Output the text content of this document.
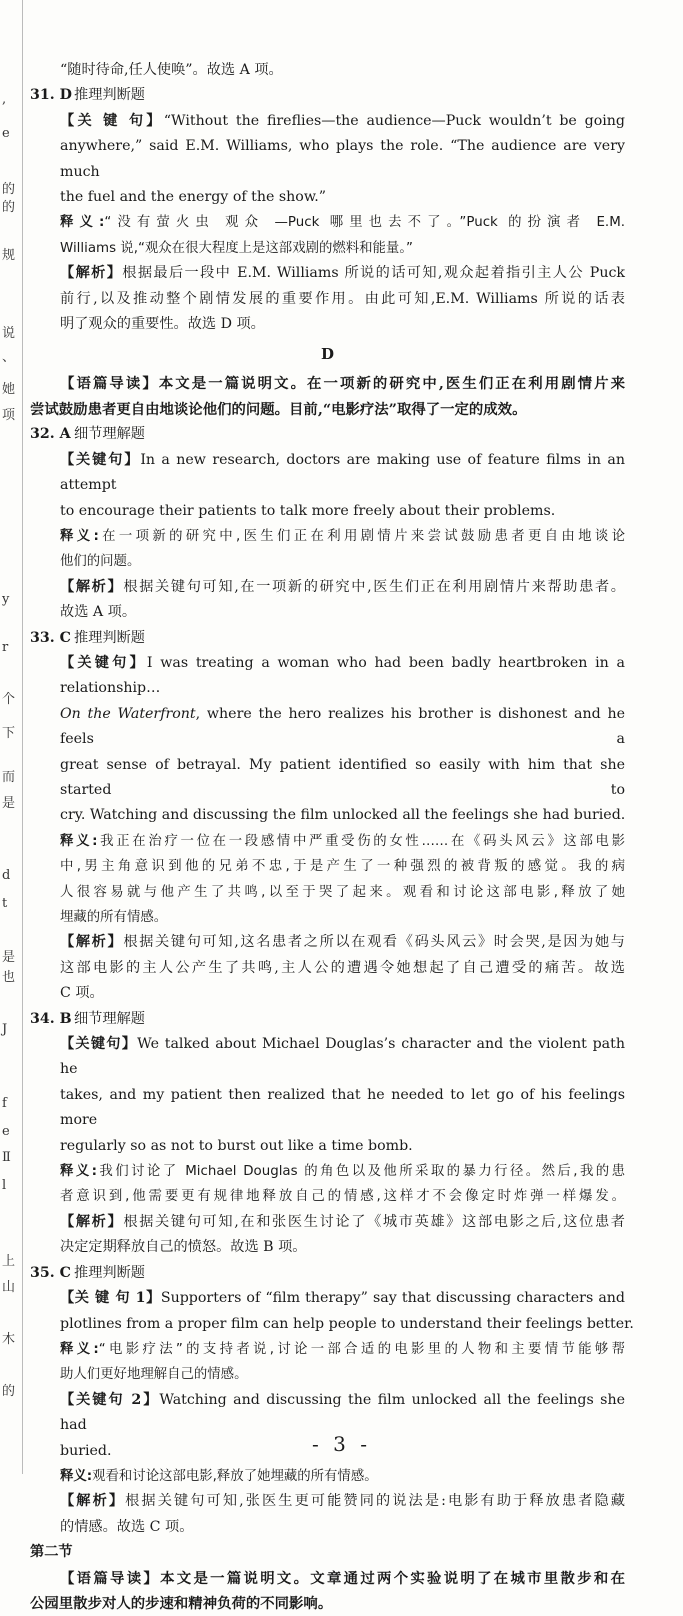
,
e
的
的
规
说
、
她
项
y
r
个
下
而
是
d
t
是
也
J
f
e
Ⅱ
l
上
山
木
的
“随时待命,任人使唤”。故选 A 项。
31. D 推理判断题
【关 键 句】“Without the fireflies—the audience—Puck wouldn’t be going
anywhere,” said E.M. Williams, who plays the role. “The audience are very much
the fuel and the energy of the show.”
释义:“没有萤火虫 观众 —Puck 哪里也去不了。”Puck 的扮演者 E.M.
Williams 说,“观众在很大程度上是这部戏剧的燃料和能量。”
【解析】根据最后一段中 E.M. Williams 所说的话可知,观众起着指引主人公 Puck
前行,以及推动整个剧情发展的重要作用。由此可知,E.M. Williams 所说的话表
明了观众的重要性。故选 D 项。
D
【语篇导读】本文是一篇说明文。在一项新的研究中,医生们正在利用剧情片来
尝试鼓励患者更自由地谈论他们的问题。目前,“电影疗法”取得了一定的成效。
32. A 细节理解题
【关键句】In a new research, doctors are making use of feature films in an attempt
to encourage their patients to talk more freely about their problems.
释义:在一项新的研究中,医生们正在利用剧情片来尝试鼓励患者更自由地谈论
他们的问题。
【解析】根据关键句可知,在一项新的研究中,医生们正在利用剧情片来帮助患者。
故选 A 项。
33. C 推理判断题
【关键句】I was treating a woman who had been badly heartbroken in a relationship…
On the Waterfront, where the hero realizes his brother is dishonest and he feels a
great sense of betrayal. My patient identified so easily with him that she started to
cry. Watching and discussing the film unlocked all the feelings she had buried.
释义:我正在治疗一位在一段感情中严重受伤的女性……在《码头风云》这部电影
中,男主角意识到他的兄弟不忠,于是产生了一种强烈的被背叛的感觉。我的病
人很容易就与他产生了共鸣,以至于哭了起来。观看和讨论这部电影,释放了她
埋藏的所有情感。
【解析】根据关键句可知,这名患者之所以在观看《码头风云》时会哭,是因为她与
这部电影的主人公产生了共鸣,主人公的遭遇令她想起了自己遭受的痛苦。故选
C 项。
34. B 细节理解题
【关键句】We talked about Michael Douglas’s character and the violent path he
takes, and my patient then realized that he needed to let go of his feelings more
regularly so as not to burst out like a time bomb.
释义:我们讨论了 Michael Douglas 的角色以及他所采取的暴力行径。然后,我的患
者意识到,他需要更有规律地释放自己的情感,这样才不会像定时炸弹一样爆发。
【解析】根据关键句可知,在和张医生讨论了《城市英雄》这部电影之后,这位患者
决定定期释放自己的愤怒。故选 B 项。
35. C 推理判断题
【关 键 句 1】Supporters of “film therapy” say that discussing characters and
plotlines from a proper film can help people to understand their feelings better.
释义:“电影疗法”的支持者说,讨论一部合适的电影里的人物和主要情节能够帮
助人们更好地理解自己的情感。
【关键句 2】Watching and discussing the film unlocked all the feelings she had
buried.
释义:观看和讨论这部电影,释放了她埋藏的所有情感。
【解析】根据关键句可知,张医生更可能赞同的说法是:电影有助于释放患者隐藏
的情感。故选 C 项。
第二节
【语篇导读】本文是一篇说明文。文章通过两个实验说明了在城市里散步和在
公园里散步对人的步速和精神负荷的不同影响。
- 3 -
